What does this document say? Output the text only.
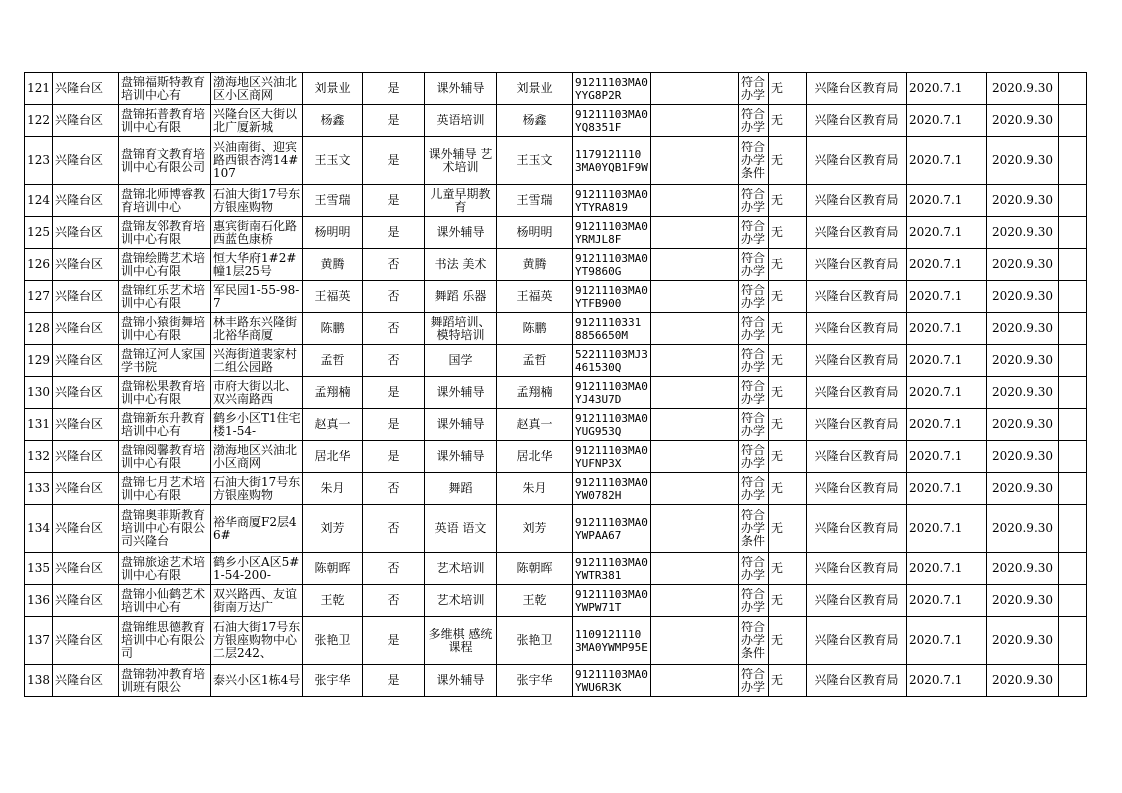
121	兴隆台区	盘锦福斯特教育培训中心有	渤海地区兴油北区小区商网	刘景业	是	课外辅导	刘景业	91211103MA0YYG8P2R		符合办学	无	兴隆台区教育局	2020.7.1	2020.9.30	

122	兴隆台区	盘锦拓普教育培训中心有限	兴隆台区大街以北广厦新城	杨鑫	是	英语培训	杨鑫	91211103MA0YQ8351F		符合办学	无	兴隆台区教育局	2020.7.1	2020.9.30	

123	兴隆台区	盘锦育文教育培训中心有限公司	兴油南街、迎宾路西银杏湾14#107	王玉文	是	课外辅导 艺术培训	王玉文	1179121110 3MA0YQB1F9W		符合办学条件	无	兴隆台区教育局	2020.7.1	2020.9.30	

124	兴隆台区	盘锦北师博睿教育培训中心	石油大街17号东方银座购物	王雪瑞	是	儿童早期教育	王雪瑞	91211103MA0YTYRA819		符合办学	无	兴隆台区教育局	2020.7.1	2020.9.30	

125	兴隆台区	盘锦友邻教育培训中心有限	惠宾街南石化路西蓝色康桥	杨明明	是	课外辅导	杨明明	91211103MA0YRMJL8F		符合办学	无	兴隆台区教育局	2020.7.1	2020.9.30	

126	兴隆台区	盘锦绘腾艺术培训中心有限	恒大华府1#2#幢1层25号	黄腾	否	书法 美术	黄腾	91211103MA0YT9860G		符合办学	无	兴隆台区教育局	2020.7.1	2020.9.30	

127	兴隆台区	盘锦红乐艺术培训中心有限	军民园1-55-98-7	王福英	否	舞蹈 乐器	王福英	91211103MA0YTFB900		符合办学	无	兴隆台区教育局	2020.7.1	2020.9.30	

128	兴隆台区	盘锦小猿街舞培训中心有限	林丰路东兴隆街北裕华商厦	陈鹏	否	舞蹈培训、模特培训	陈鹏	9121110331 8856650M		符合办学	无	兴隆台区教育局	2020.7.1	2020.9.30	

129	兴隆台区	盘锦辽河人家国学书院	兴海街道裴家村二组公园路	孟哲	否	国学	孟哲	52211103MJ3461530Q		符合办学	无	兴隆台区教育局	2020.7.1	2020.9.30	

130	兴隆台区	盘锦松果教育培训中心有限	市府大街以北、双兴南路西	孟翔楠	是	课外辅导	孟翔楠	91211103MA0YJ43U7D		符合办学	无	兴隆台区教育局	2020.7.1	2020.9.30	

131	兴隆台区	盘锦新东升教育培训中心有	鹤乡小区T1住宅楼1-54-	赵真一	是	课外辅导	赵真一	91211103MA0YUG953Q		符合办学	无	兴隆台区教育局	2020.7.1	2020.9.30	

132	兴隆台区	盘锦阅馨教育培训中心有限	渤海地区兴油北小区商网	居北华	是	课外辅导	居北华	91211103MA0YUFNP3X		符合办学	无	兴隆台区教育局	2020.7.1	2020.9.30	

133	兴隆台区	盘锦七月艺术培训中心有限	石油大街17号东方银座购物	朱月	否	舞蹈	朱月	91211103MA0YW0782H		符合办学	无	兴隆台区教育局	2020.7.1	2020.9.30	

134	兴隆台区	盘锦奥菲斯教育培训中心有限公司兴隆台	裕华商厦F2层46#	刘芳	否	英语 语文	刘芳	91211103MA0YWPAA67		符合办学条件	无	兴隆台区教育局	2020.7.1	2020.9.30	

135	兴隆台区	盘锦旅途艺术培训中心有限	鹤乡小区A区5#1-54-200-	陈朝晖	否	艺术培训	陈朝晖	91211103MA0YWTR381		符合办学	无	兴隆台区教育局	2020.7.1	2020.9.30	

136	兴隆台区	盘锦小仙鹤艺术培训中心有	双兴路西、友谊街南万达广	王乾	否	艺术培训	王乾	91211103MA0YWPW71T		符合办学	无	兴隆台区教育局	2020.7.1	2020.9.30	

137	兴隆台区	盘锦维思德教育培训中心有限公司	石油大街17号东方银座购物中心二层242、	张艳卫	是	多维棋 感统课程	张艳卫	1109121110 3MA0YWMP95E		符合办学条件	无	兴隆台区教育局	2020.7.1	2020.9.30	

138	兴隆台区	盘锦勃冲教育培训班有限公	泰兴小区1栋4号	张宇华	是	课外辅导	张宇华	91211103MA0YWU6R3K		符合办学	无	兴隆台区教育局	2020.7.1	2020.9.30	
